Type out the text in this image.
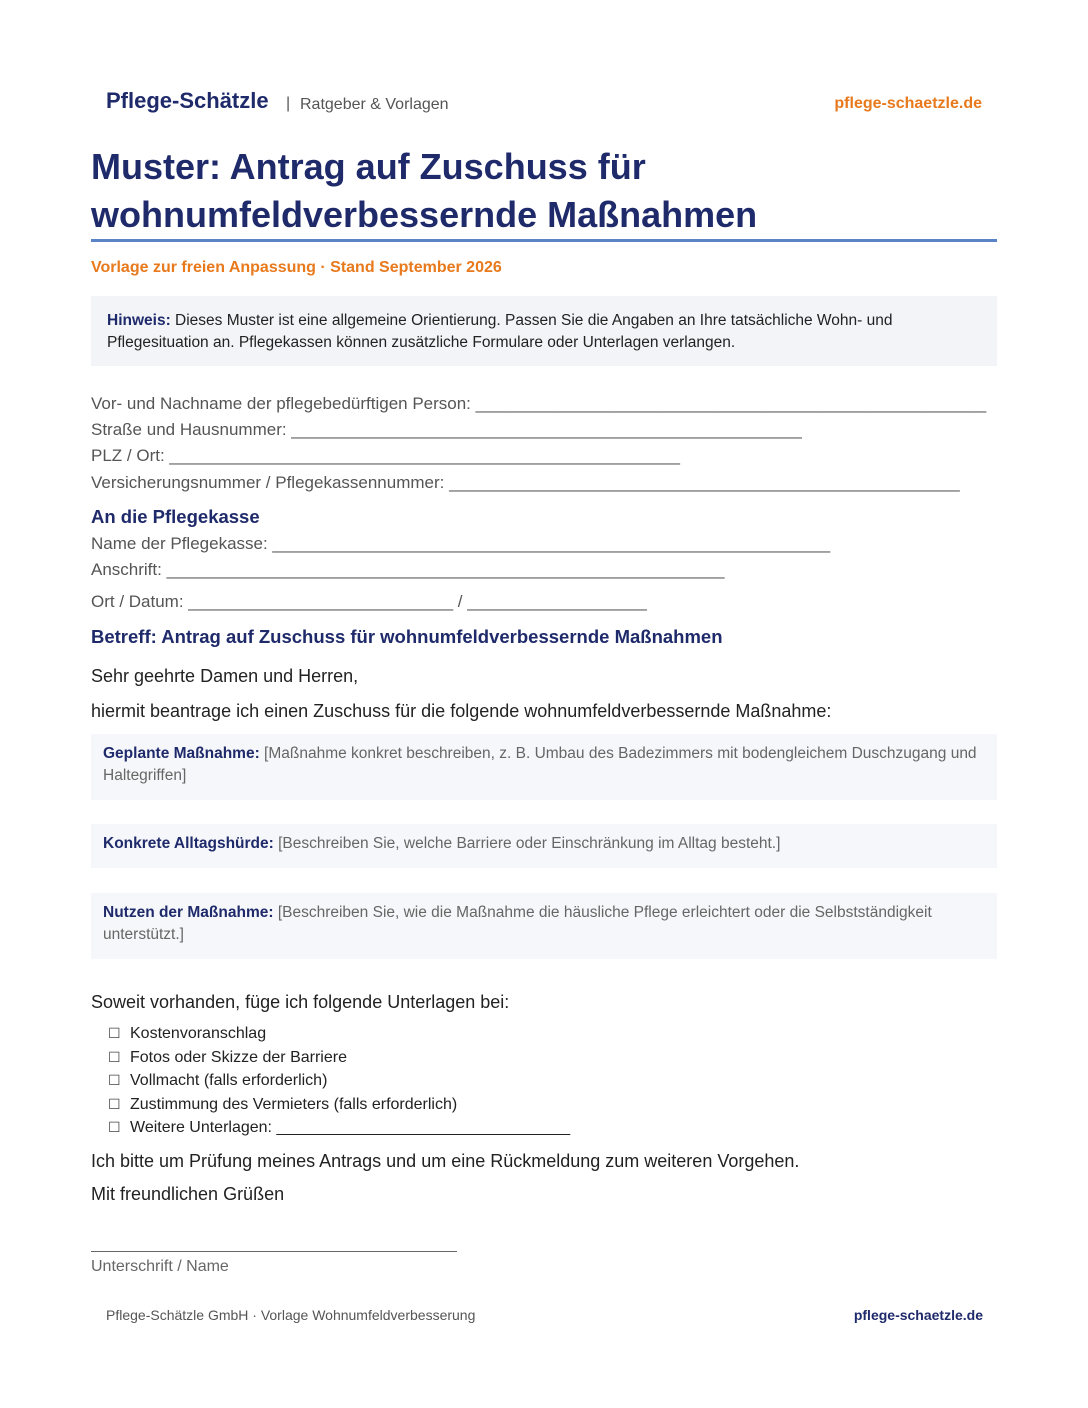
Pflege-Schätzle | Ratgeber & Vorlagen	pflege-schaetzle.de
Muster: Antrag auf Zuschuss für wohnumfeldverbessernde Maßnahmen
Vorlage zur freien Anpassung · Stand September 2026
Hinweis: Dieses Muster ist eine allgemeine Orientierung. Passen Sie die Angaben an Ihre tatsächliche Wohn- und Pflegesituation an. Pflegekassen können zusätzliche Formulare oder Unterlagen verlangen.
Vor- und Nachname der pflegebedürftigen Person: ______________________________________________________
Straße und Hausnummer: ______________________________________________________
PLZ / Ort: ______________________________________________________
Versicherungsnummer / Pflegekassennummer: ______________________________________________________
An die Pflegekasse
Name der Pflegekasse: ___________________________________________________________
Anschrift: ___________________________________________________________
Ort / Datum: ____________________________ / ___________________
Betreff: Antrag auf Zuschuss für wohnumfeldverbessernde Maßnahmen
Sehr geehrte Damen und Herren,
hiermit beantrage ich einen Zuschuss für die folgende wohnumfeldverbessernde Maßnahme:
Geplante Maßnahme: [Maßnahme konkret beschreiben, z. B. Umbau des Badezimmers mit bodengleichem Duschzugang und Haltegriffen]
Konkrete Alltagshürde: [Beschreiben Sie, welche Barriere oder Einschränkung im Alltag besteht.]
Nutzen der Maßnahme: [Beschreiben Sie, wie die Maßnahme die häusliche Pflege erleichtert oder die Selbstständigkeit unterstützt.]
Soweit vorhanden, füge ich folgende Unterlagen bei:
☐ Kostenvoranschlag
☐ Fotos oder Skizze der Barriere
☐ Vollmacht (falls erforderlich)
☐ Zustimmung des Vermieters (falls erforderlich)
☐ Weitere Unterlagen: _________________________________
Ich bitte um Prüfung meines Antrags und um eine Rückmeldung zum weiteren Vorgehen.
Mit freundlichen Grüßen
Unterschrift / Name
Pflege-Schätzle GmbH · Vorlage Wohnumfeldverbesserung	pflege-schaetzle.de
